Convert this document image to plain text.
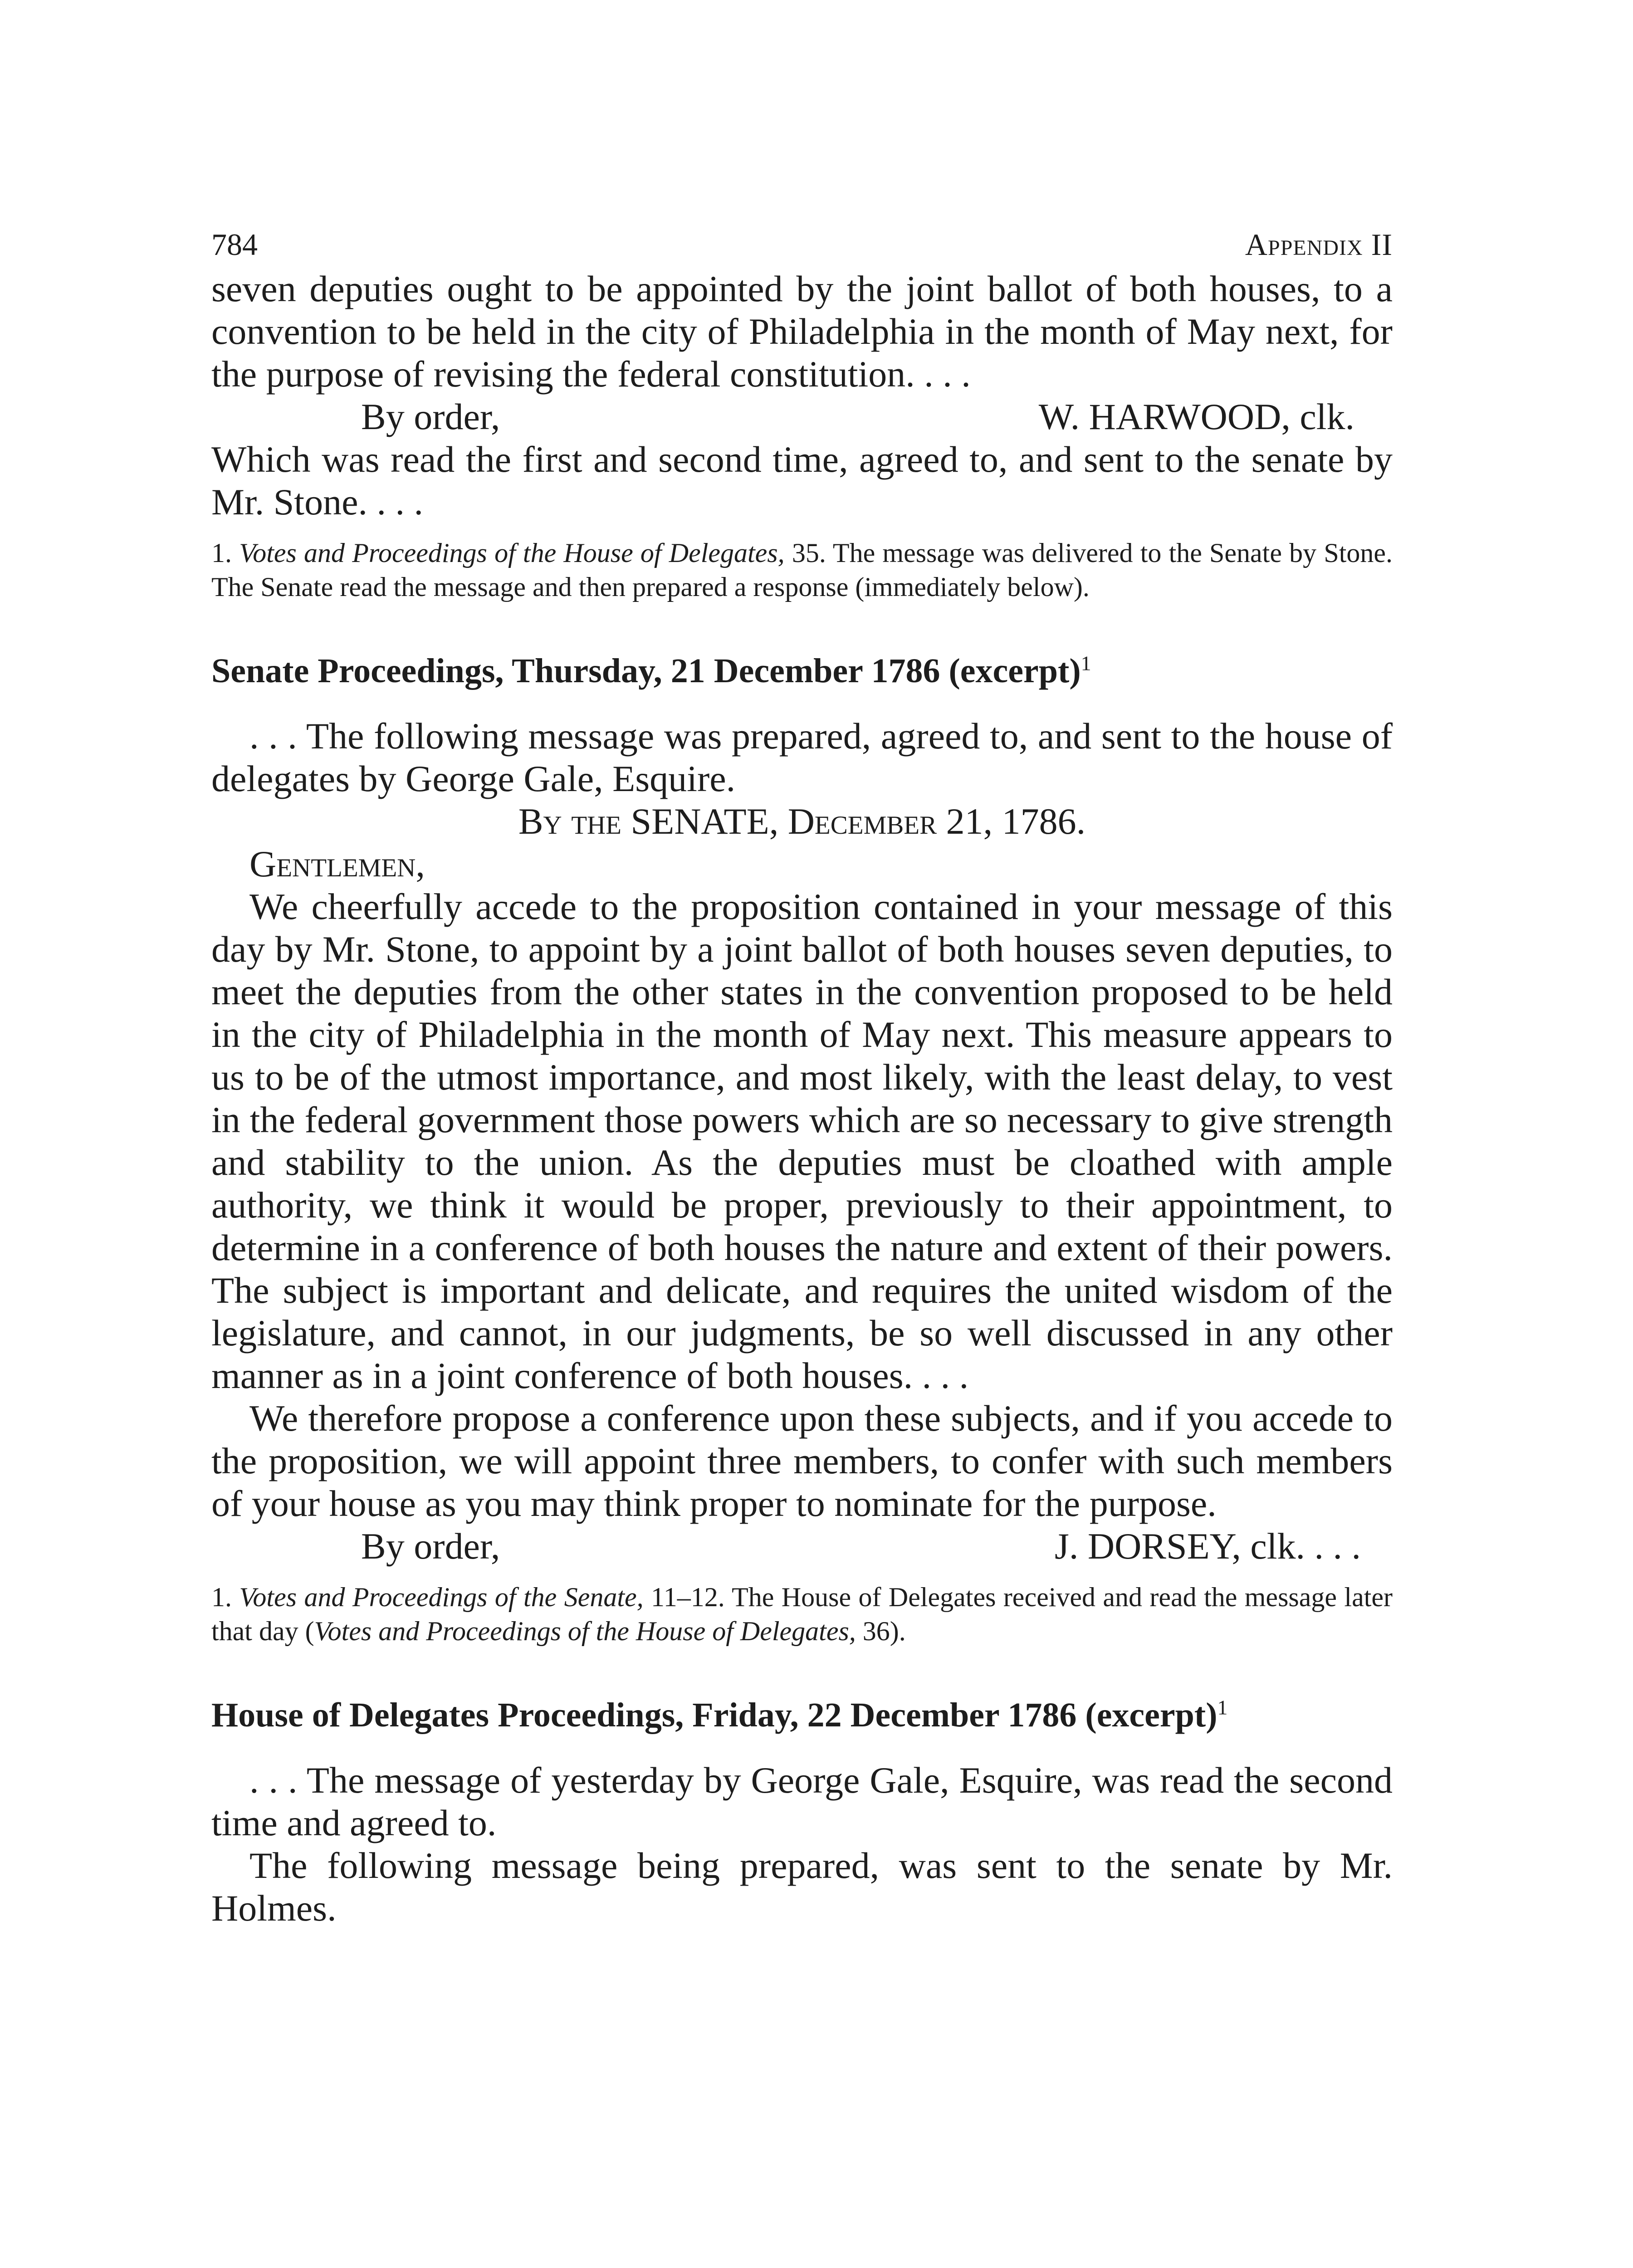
784	Appendix II

seven deputies ought to be appointed by the joint ballot of both houses, to a convention to be held in the city of Philadelphia in the month of May next, for the purpose of revising the federal constitution. . . .

By order,	W. HARWOOD, clk.

Which was read the first and second time, agreed to, and sent to the senate by Mr. Stone. . . .

1. Votes and Proceedings of the House of Delegates, 35. The message was delivered to the Senate by Stone. The Senate read the message and then prepared a response (immediately below).

Senate Proceedings, Thursday, 21 December 1786 (excerpt)$^1$

. . . The following message was prepared, agreed to, and sent to the house of delegates by George Gale, Esquire.

By the SENATE, December 21, 1786.

Gentlemen,

We cheerfully accede to the proposition contained in your message of this day by Mr. Stone, to appoint by a joint ballot of both houses seven deputies, to meet the deputies from the other states in the convention proposed to be held in the city of Philadelphia in the month of May next. This measure appears to us to be of the utmost importance, and most likely, with the least delay, to vest in the federal government those powers which are so necessary to give strength and stability to the union. As the deputies must be cloathed with ample authority, we think it would be proper, previously to their appointment, to determine in a conference of both houses the nature and extent of their powers. The subject is important and delicate, and requires the united wisdom of the legislature, and cannot, in our judgments, be so well discussed in any other manner as in a joint conference of both houses. . . .

We therefore propose a conference upon these subjects, and if you accede to the proposition, we will appoint three members, to confer with such members of your house as you may think proper to nominate for the purpose.

By order,	J. DORSEY, clk. . . .

1. Votes and Proceedings of the Senate, 11–12. The House of Delegates received and read the message later that day (Votes and Proceedings of the House of Delegates, 36).

House of Delegates Proceedings, Friday, 22 December 1786 (excerpt)$^1$

. . . The message of yesterday by George Gale, Esquire, was read the second time and agreed to.

The following message being prepared, was sent to the senate by Mr. Holmes.
